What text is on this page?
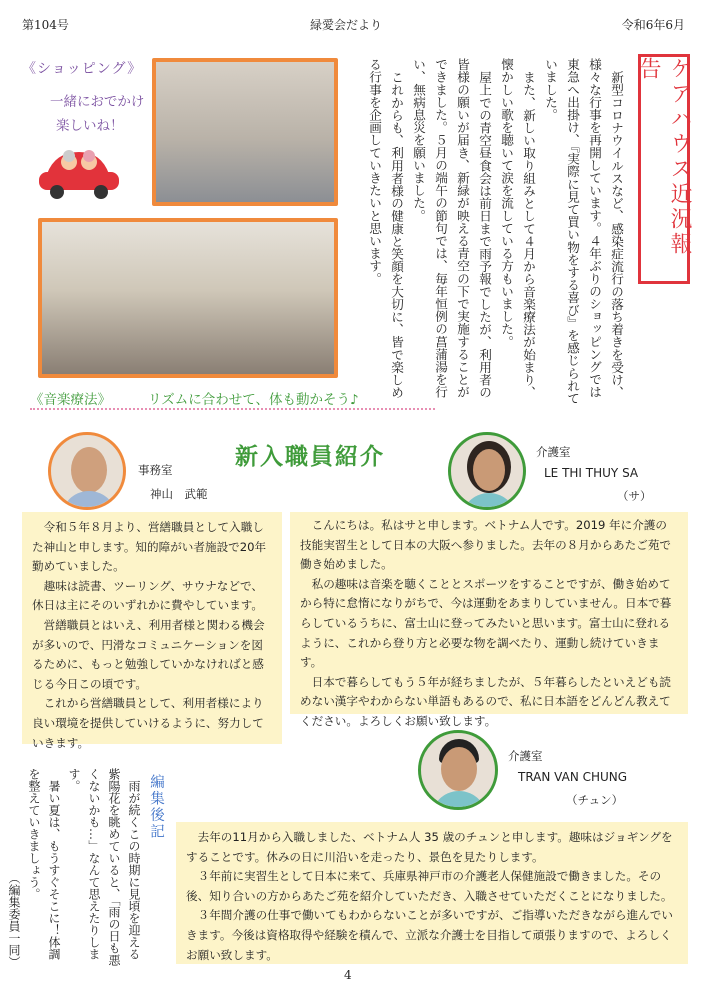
第104号	緑愛会だより	令和6年6月
《ショッピング》
一緒におでかけ
楽しいね！
《音楽療法》	リズムに合わせて、体も動かそう♪
ケアハウス近況報告

新型コロナウイルスなど、感染症流行の落ち着きを受け、様々な行事を再開しています。４年ぶりのショッピングでは東急へ出掛け、『実際に見て買い物をする喜び』を感じられていました。

また、新しい取り組みとして４月から音楽療法が始まり、懐かしい歌を聴いて涙を流している方もいました。

屋上での青空昼食会は前日まで雨予報でしたが、利用者の皆様の願いが届き、新緑が映える青空の下で実施することができました。５月の端午の節句では、毎年恒例の菖蒲湯を行い、無病息災を願いました。

これからも、利用者様の健康と笑顔を大切に、皆で楽しめる行事を企画していきたいと思います。

新入職員紹介
事務室
神山　武範

令和５年８月より、営繕職員として入職した神山と申します。知的障がい者施設で20年勤めていました。

趣味は読書、ツーリング、サウナなどで、休日は主にそのいずれかに費やしています。

営繕職員とはいえ、利用者様と関わる機会が多いので、円滑なコミュニケーションを図るために、もっと勉強していかなければと感じる今日この頃です。

これから営繕職員として、利用者様により良い環境を提供していけるように、努力していきます。

介護室
LE THI THUY SA
（サ）

こんにちは。私はサと申します。ベトナム人です。2019 年に介護の技能実習生として日本の大阪へ参りました。去年の８月からあたご苑で働き始めました。

私の趣味は音楽を聴くこととスポーツをすることですが、働き始めてから特に怠惰になりがちで、今は運動をあまりしていません。日本で暮らしているうちに、富士山に登ってみたいと思います。富士山に登れるように、これから登り方と必要な物を調べたり、運動し続けていきます。

日本で暮らしてもう５年が経ちましたが、５年暮らしたといえども読めない漢字やわからない単語もあるので、私に日本語をどんどん教えてください。よろしくお願い致します。

介護室
TRAN VAN CHUNG
（チュン）

去年の11月から入職しました、ベトナム人 35 歳のチュンと申します。趣味はジョギングをすることです。休みの日に川沿いを走ったり、景色を見たりします。

３年前に実習生として日本に来て、兵庫県神戸市の介護老人保健施設で働きました。その後、知り合いの方からあたご苑を紹介していただき、入職させていただくことになりました。

３年間介護の仕事で働いてもわからないことが多いですが、ご指導いただきながら進んでいきます。今後は資格取得や経験を積んで、立派な介護士を目指して頑張りますので、よろしくお願い致します。

編集後記

雨が続くこの時期に見頃を迎える紫陽花を眺めていると、「雨の日も悪くないかも…」なんて思えたりします。

暑い夏は、もうすぐそこに！体調を整えていきましょう。

（編集委員一同）

4
